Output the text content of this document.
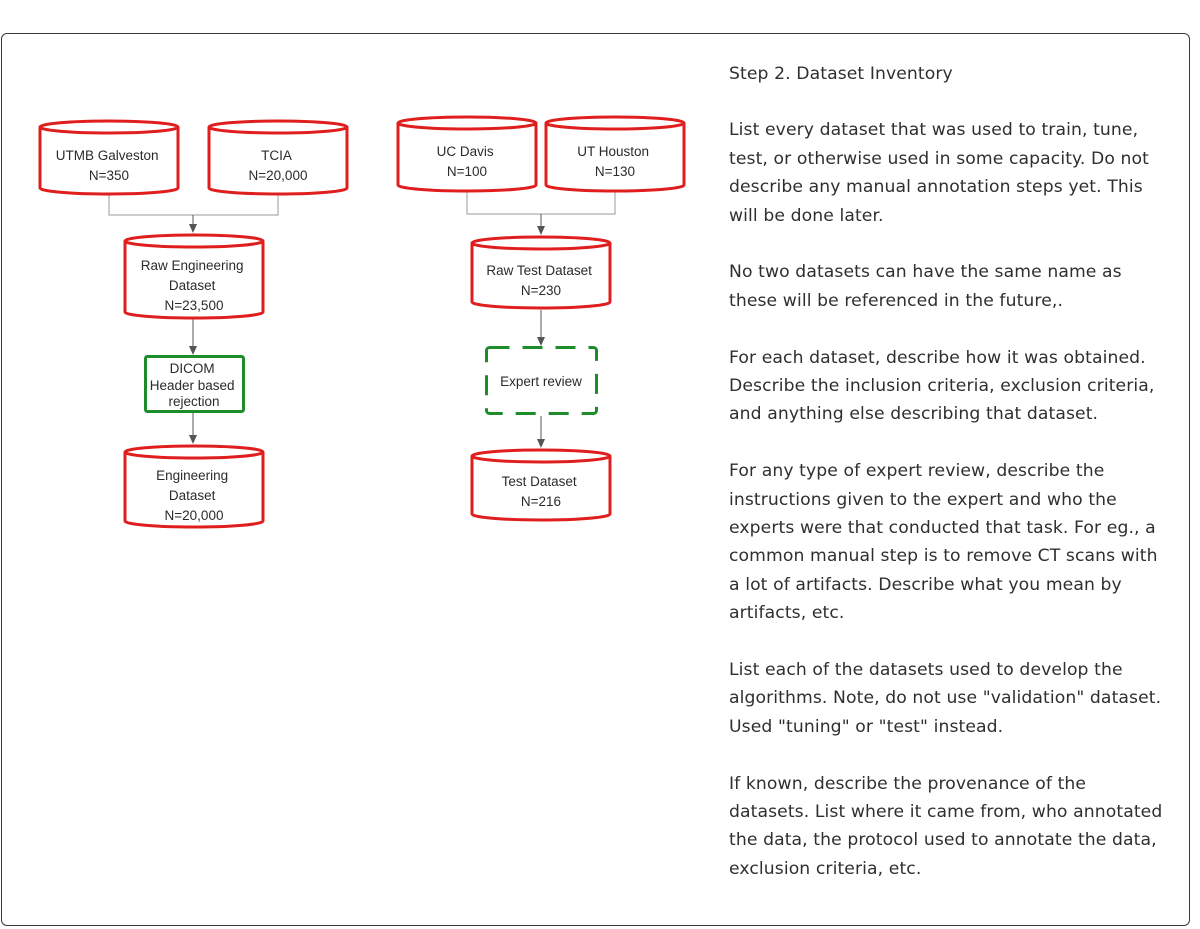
UTMB Galveston N=350
TCIA N=20,000
Raw Engineering Dataset N=23,500
DICOM Header based rejection
Engineering Dataset N=20,000
UC Davis N=100
UT Houston N=130
Raw Test Dataset N=230
Expert review
Test Dataset N=216
Step 2. Dataset Inventory

List every dataset that was used to train, tune, test, or otherwise used in some capacity. Do not describe any manual annotation steps yet. This will be done later.

No two datasets can have the same name as these will be referenced in the future,.

For each dataset, describe how it was obtained. Describe the inclusion criteria, exclusion criteria, and anything else describing that dataset.

For any type of expert review, describe the instructions given to the expert and who the experts were that conducted that task. For eg., a common manual step is to remove CT scans with a lot of artifacts. Describe what you mean by artifacts, etc.

List each of the datasets used to develop the algorithms. Note, do not use "validation" dataset. Used "tuning" or "test" instead.

If known, describe the provenance of the datasets. List where it came from, who annotated the data, the protocol used to annotate the data, exclusion criteria, etc.
